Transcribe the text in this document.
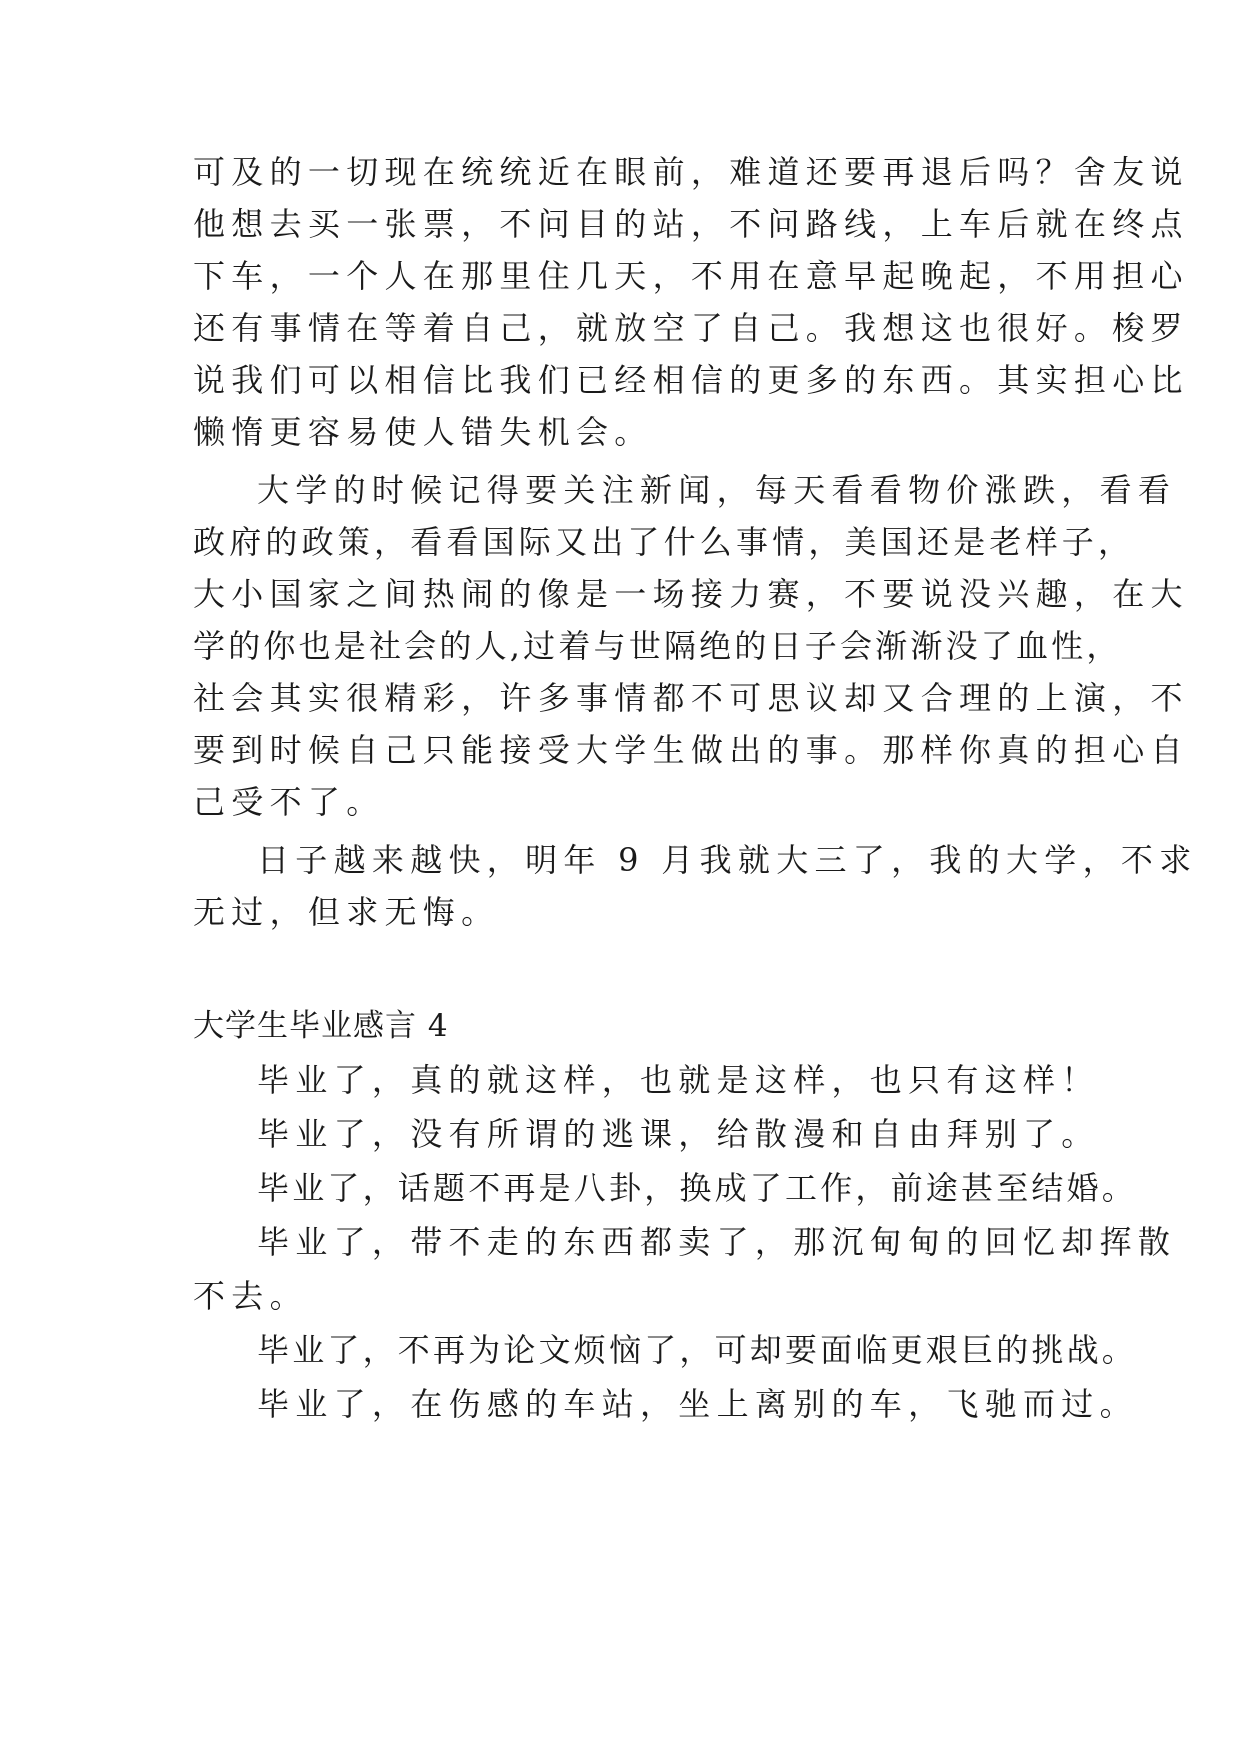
可及的一切现在统统近在眼前，难道还要再退后吗？舍友说
他想去买一张票，不问目的站，不问路线，上车后就在终点
下车，一个人在那里住几天，不用在意早起晚起，不用担心
还有事情在等着自己，就放空了自己。我想这也很好。梭罗
说我们可以相信比我们已经相信的更多的东西。其实担心比
懒惰更容易使人错失机会。
大学的时候记得要关注新闻，每天看看物价涨跌，看看
政府的政策，看看国际又出了什么事情，美国还是老样子，
大小国家之间热闹的像是一场接力赛，不要说没兴趣，在大
学的你也是社会的人,过着与世隔绝的日子会渐渐没了血性，
社会其实很精彩，许多事情都不可思议却又合理的上演，不
要到时候自己只能接受大学生做出的事。那样你真的担心自
己受不了。
日子越来越快，明年 9 月我就大三了，我的大学，不求
无过，但求无悔。
大学生毕业感言 4
毕业了，真的就这样，也就是这样，也只有这样！
毕业了，没有所谓的逃课，给散漫和自由拜别了。
毕业了，话题不再是八卦，换成了工作，前途甚至结婚。
毕业了，带不走的东西都卖了，那沉甸甸的回忆却挥散
不去。
毕业了，不再为论文烦恼了，可却要面临更艰巨的挑战。
毕业了，在伤感的车站，坐上离别的车，飞驰而过。
